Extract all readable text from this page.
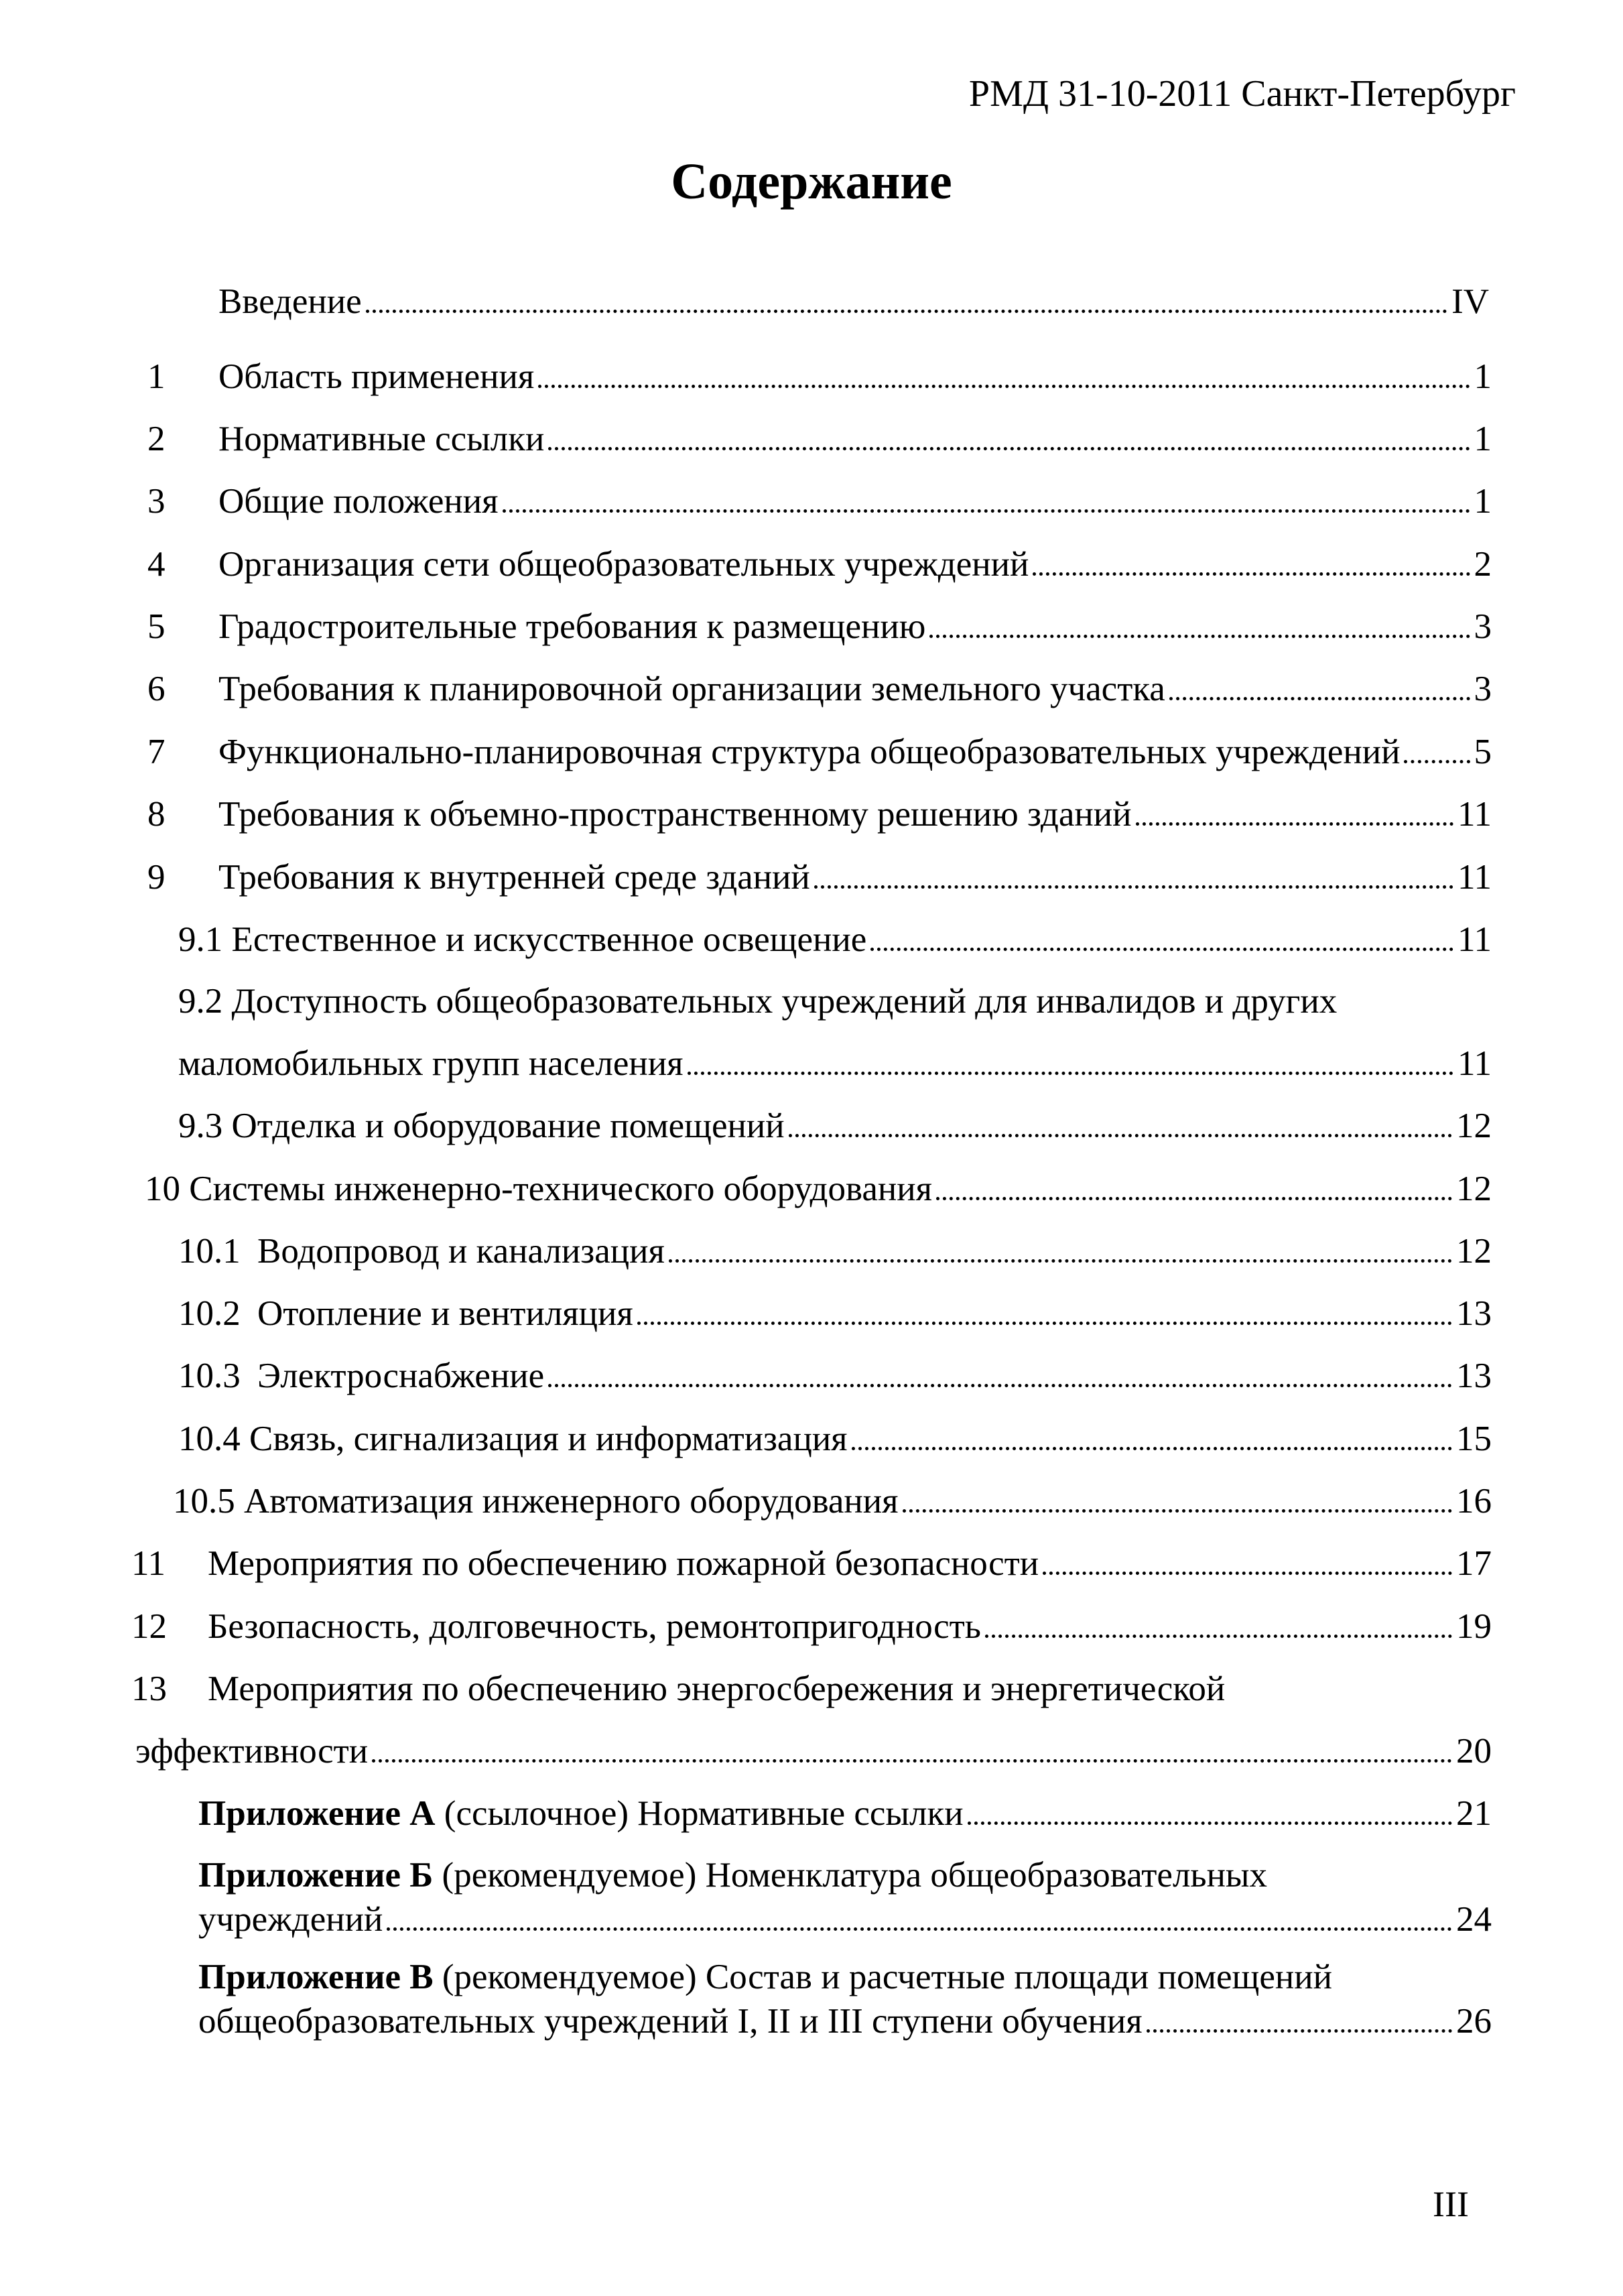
РМД 31-10-2011 Санкт-Петербург
Содержание
Введение	IV
1 Область применения	1
2 Нормативные ссылки	1
3 Общие положения	1
4 Организация сети общеобразовательных учреждений	2
5 Градостроительные требования к размещению	3
6 Требования к планировочной организации земельного участка	3
7 Функционально-планировочная структура общеобразовательных учреждений 5
8 Требования к объемно-пространственному решению зданий	11
9 Требования к внутренней среде зданий	11
9.1 Естественное и искусственное освещение	11
9.2 Доступность общеобразовательных учреждений для инвалидов и других
маломобильных групп населения	11
9.3 Отделка и оборудование помещений	12
10 Системы инженерно-технического оборудования	12
10.1 Водопровод и канализация	12
10.2 Отопление и вентиляция	13
10.3 Электроснабжение	13
10.4 Связь, сигнализация и информатизация	15
10.5 Автоматизация инженерного оборудования	16
11 Мероприятия по обеспечению пожарной безопасности	17
12 Безопасность, долговечность, ремонтопригодность	19
13 Мероприятия по обеспечению энергосбережения и энергетической
эффективности	20
Приложение А (ссылочное) Нормативные ссылки	21
Приложение Б (рекомендуемое) Номенклатура общеобразовательных
учреждений	24
Приложение В (рекомендуемое) Состав и расчетные площади помещений
общеобразовательных учреждений I, II и III ступени обучения	26
III
